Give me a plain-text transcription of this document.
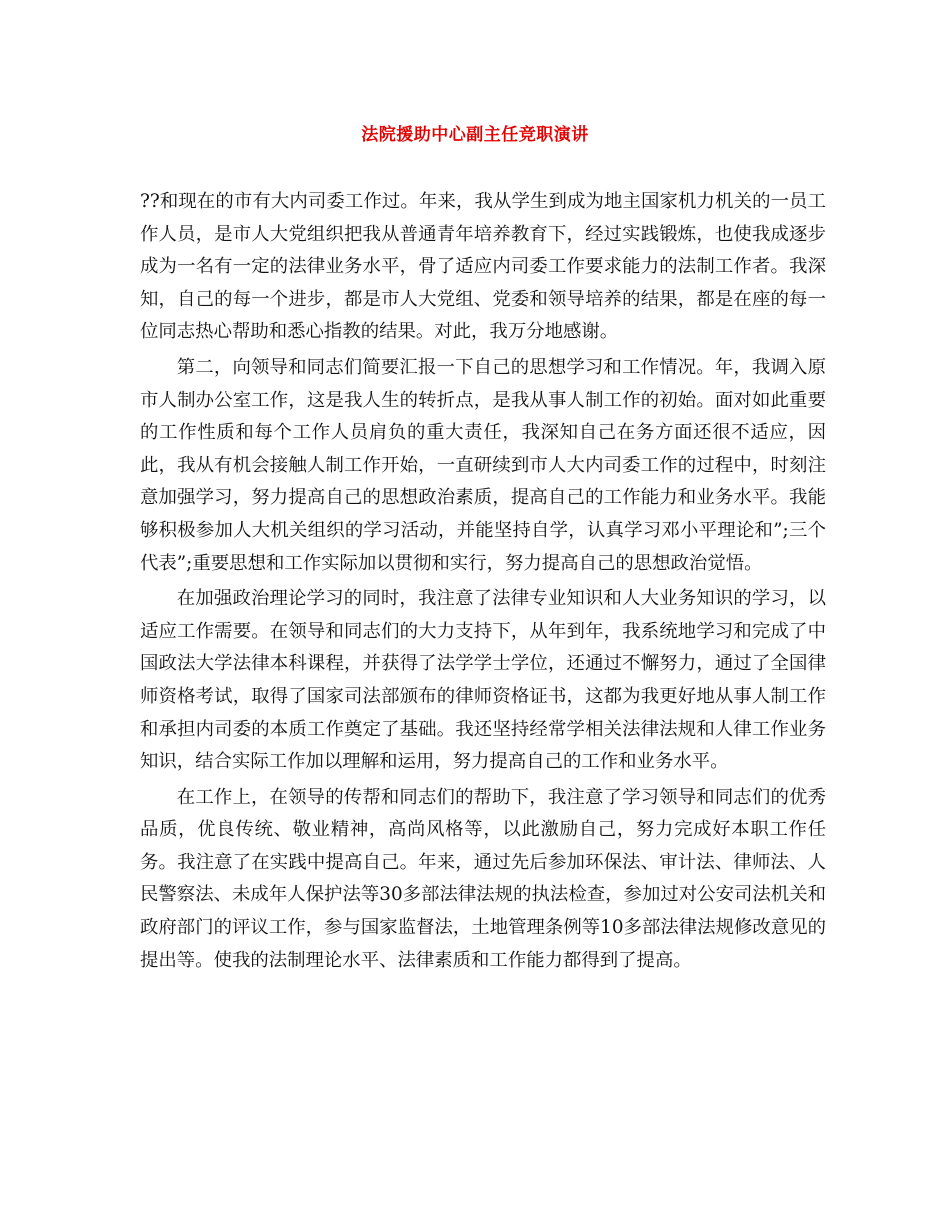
法院援助中心副主任竞职演讲

??和现在的市有大内司委工作过。年来，我从学生到成为地主国家机力机关的一员工作人员，是市人大党组织把我从普通青年培养教育下，经过实践锻炼，也使我成逐步成为一名有一定的法律业务水平，骨了适应内司委工作要求能力的法制工作者。我深知，自己的每一个进步，都是市人大党组、党委和领导培养的结果，都是在座的每一位同志热心帮助和悉心指教的结果。对此，我万分地感谢。

第二，向领导和同志们简要汇报一下自己的思想学习和工作情况。年，我调入原市人制办公室工作，这是我人生的转折点，是我从事人制工作的初始。面对如此重要的工作性质和每个工作人员肩负的重大责任，我深知自己在务方面还很不适应，因此，我从有机会接触人制工作开始，一直研续到市人大内司委工作的过程中，时刻注意加强学习，努力提高自己的思想政治素质，提高自己的工作能力和业务水平。我能够积极参加人大机关组织的学习活动，并能坚持自学，认真学习邓小平理论和”;三个代表”;重要思想和工作实际加以贯彻和实行，努力提高自己的思想政治觉悟。

在加强政治理论学习的同时，我注意了法律专业知识和人大业务知识的学习，以适应工作需要。在领导和同志们的大力支持下，从年到年，我系统地学习和完成了中国政法大学法律本科课程，并获得了法学学士学位，还通过不懈努力，通过了全国律师资格考试，取得了国家司法部颁布的律师资格证书，这都为我更好地从事人制工作和承担内司委的本质工作奠定了基础。我还坚持经常学相关法律法规和人律工作业务知识，结合实际工作加以理解和运用，努力提高自己的工作和业务水平。

在工作上，在领导的传帮和同志们的帮助下，我注意了学习领导和同志们的优秀品质，优良传统、敬业精神，高尚风格等，以此激励自己，努力完成好本职工作任务。我注意了在实践中提高自己。年来，通过先后参加环保法、审计法、律师法、人民警察法、未成年人保护法等30多部法律法规的执法检查，参加过对公安司法机关和政府部门的评议工作，参与国家监督法，土地管理条例等10多部法律法规修改意见的提出等。使我的法制理论水平、法律素质和工作能力都得到了提高。
